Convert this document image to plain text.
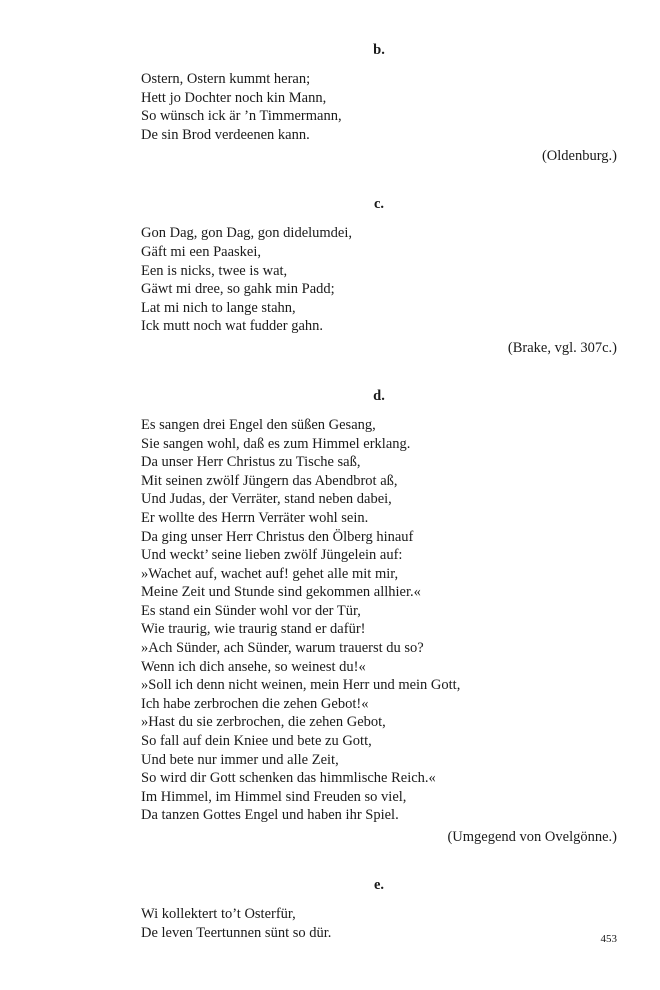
b.
Ostern, Ostern kummt heran;
Hett jo Dochter noch kin Mann,
So wünsch ick är ’n Timmermann,
De sin Brod verdeenen kann.
(Oldenburg.)
c.
Gon Dag, gon Dag, gon didelumdei,
Gäft mi een Paaskei,
Een is nicks, twee is wat,
Gäwt mi dree, so gahk min Padd;
Lat mi nich to lange stahn,
Ick mutt noch wat fudder gahn.
(Brake, vgl. 307c.)
d.
Es sangen drei Engel den süßen Gesang,
Sie sangen wohl, daß es zum Himmel erklang.
Da unser Herr Christus zu Tische saß,
Mit seinen zwölf Jüngern das Abendbrot aß,
Und Judas, der Verräter, stand neben dabei,
Er wollte des Herrn Verräter wohl sein.
Da ging unser Herr Christus den Ölberg hinauf
Und weckt’ seine lieben zwölf Jüngelein auf:
»Wachet auf, wachet auf! gehet alle mit mir,
Meine Zeit und Stunde sind gekommen allhier.«
Es stand ein Sünder wohl vor der Tür,
Wie traurig, wie traurig stand er dafür!
»Ach Sünder, ach Sünder, warum trauerst du so?
Wenn ich dich ansehe, so weinest du!«
»Soll ich denn nicht weinen, mein Herr und mein Gott,
Ich habe zerbrochen die zehen Gebot!«
»Hast du sie zerbrochen, die zehen Gebot,
So fall auf dein Kniee und bete zu Gott,
Und bete nur immer und alle Zeit,
So wird dir Gott schenken das himmlische Reich.«
Im Himmel, im Himmel sind Freuden so viel,
Da tanzen Gottes Engel und haben ihr Spiel.
(Umgegend von Ovelgönne.)
e.
Wi kollektert to’t Osterfür,
De leven Teertunnen sünt so dür.	453
